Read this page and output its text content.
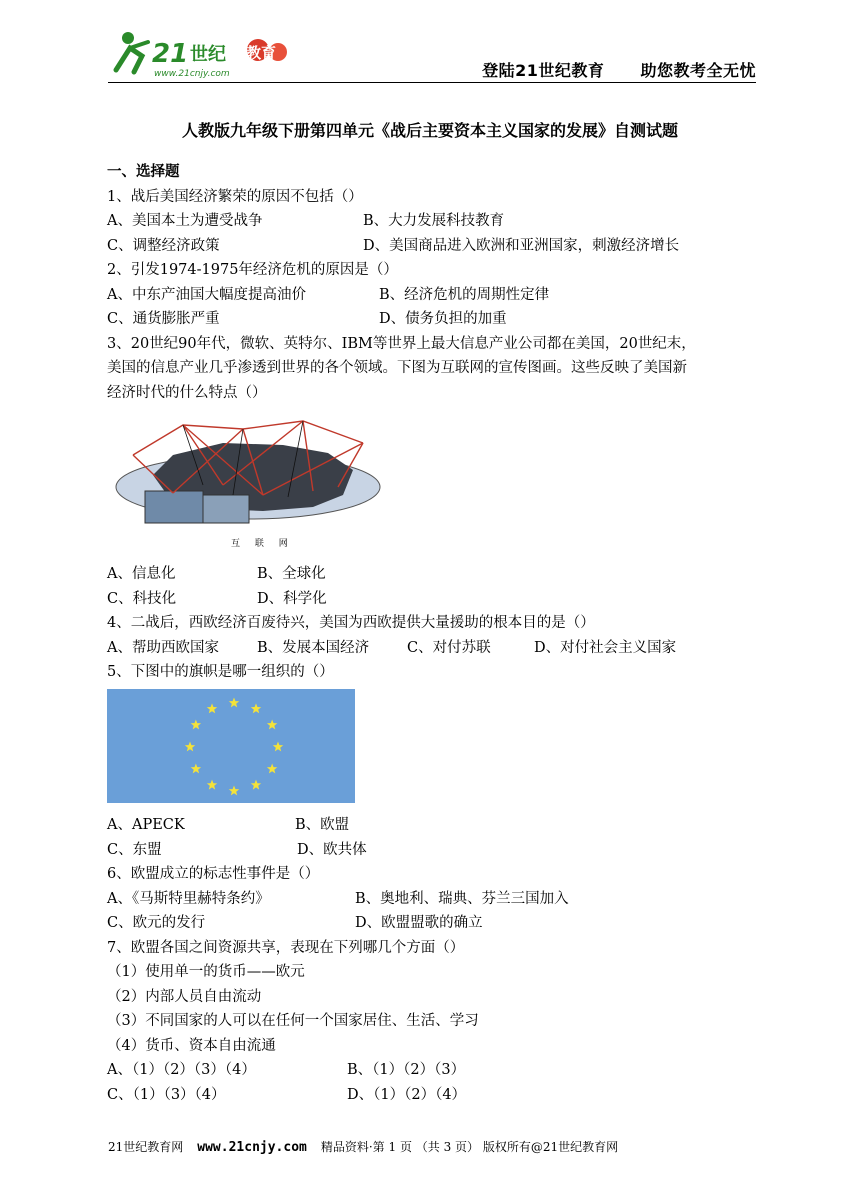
21 世纪 教育
www.21cnjy.com	登陆21世纪教育 助您教考全无忧
人教版九年级下册第四单元《战后主要资本主义国家的发展》自测试题
一、选择题
1、战后美国经济繁荣的原因不包括（）
A、美国本土为遭受战争	B、大力发展科技教育
C、调整经济政策	D、美国商品进入欧洲和亚洲国家，刺激经济增长
2、引发1974-1975年经济危机的原因是（）
A、中东产油国大幅度提高油价	B、经济危机的周期性定律
C、通货膨胀严重	D、债务负担的加重
3、20世纪90年代，微软、英特尔、IBM等世界上最大信息产业公司都在美国，20世纪末，
美国的信息产业几乎渗透到世界的各个领域。下图为互联网的宣传图画。这些反映了美国新
经济时代的什么特点（）
互 联 网
A、信息化	B、全球化
C、科技化	D、科学化
4、二战后，西欧经济百废待兴，美国为西欧提供大量援助的根本目的是（）
A、帮助西欧国家	B、发展本国经济	C、对付苏联	D、对付社会主义国家
5、下图中的旗帜是哪一组织的（）
A、APECK	B、欧盟
C、东盟	D、欧共体
6、欧盟成立的标志性事件是（）
A、《马斯特里赫特条约》	B、奥地利、瑞典、芬兰三国加入
C、欧元的发行	D、欧盟盟歌的确立
7、欧盟各国之间资源共享，表现在下列哪几个方面（）
（1）使用单一的货币——欧元
（2）内部人员自由流动
（3）不同国家的人可以在任何一个国家居住、生活、学习
（4）货币、资本自由流通
A、（1）（2）（3）（4）	B、（1）（2）（3）
C、（1）（3）（4）	D、（1）（2）（4）
21世纪教育网 www.21cnjy.com 精品资料·第 1 页 （共 3 页） 版权所有@21世纪教育网
